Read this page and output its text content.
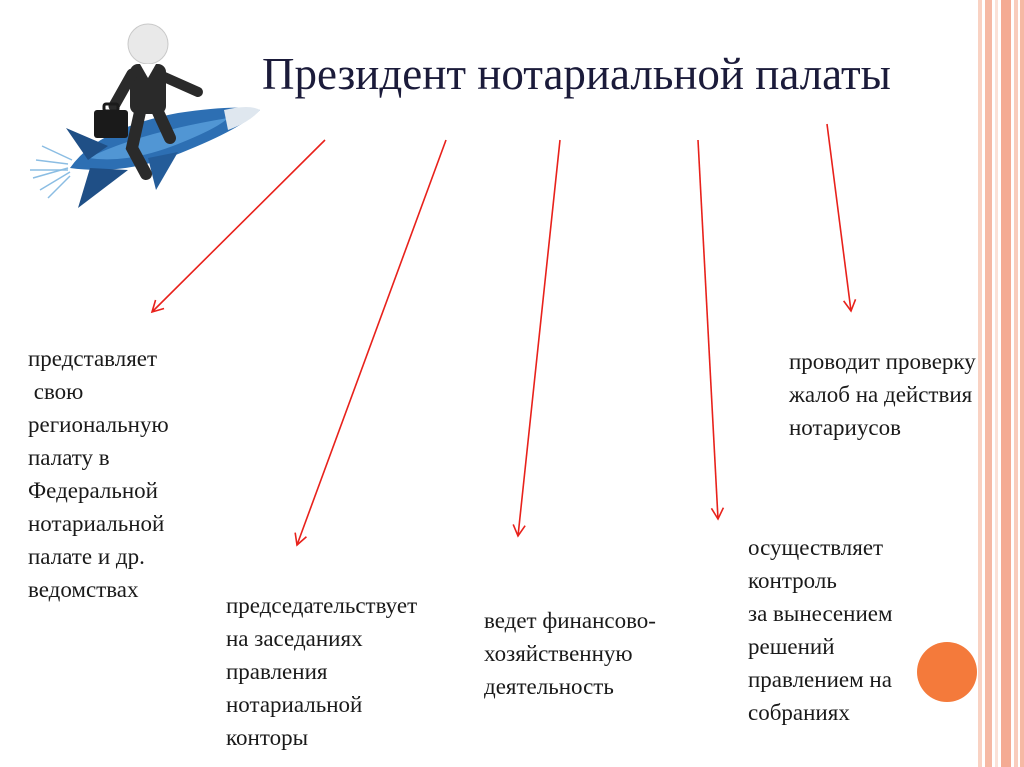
Президент нотариальной палаты
представляет
свою
региональную
палату в
Федеральной
нотариальной
палате и др.
ведомствах
председательствует
на заседаниях
правления
нотариальной
конторы
ведет финансово-
хозяйственную
деятельность
осуществляет
контроль
за вынесением
решений
правлением на
собраниях
проводит проверку
жалоб на действия
нотариусов
